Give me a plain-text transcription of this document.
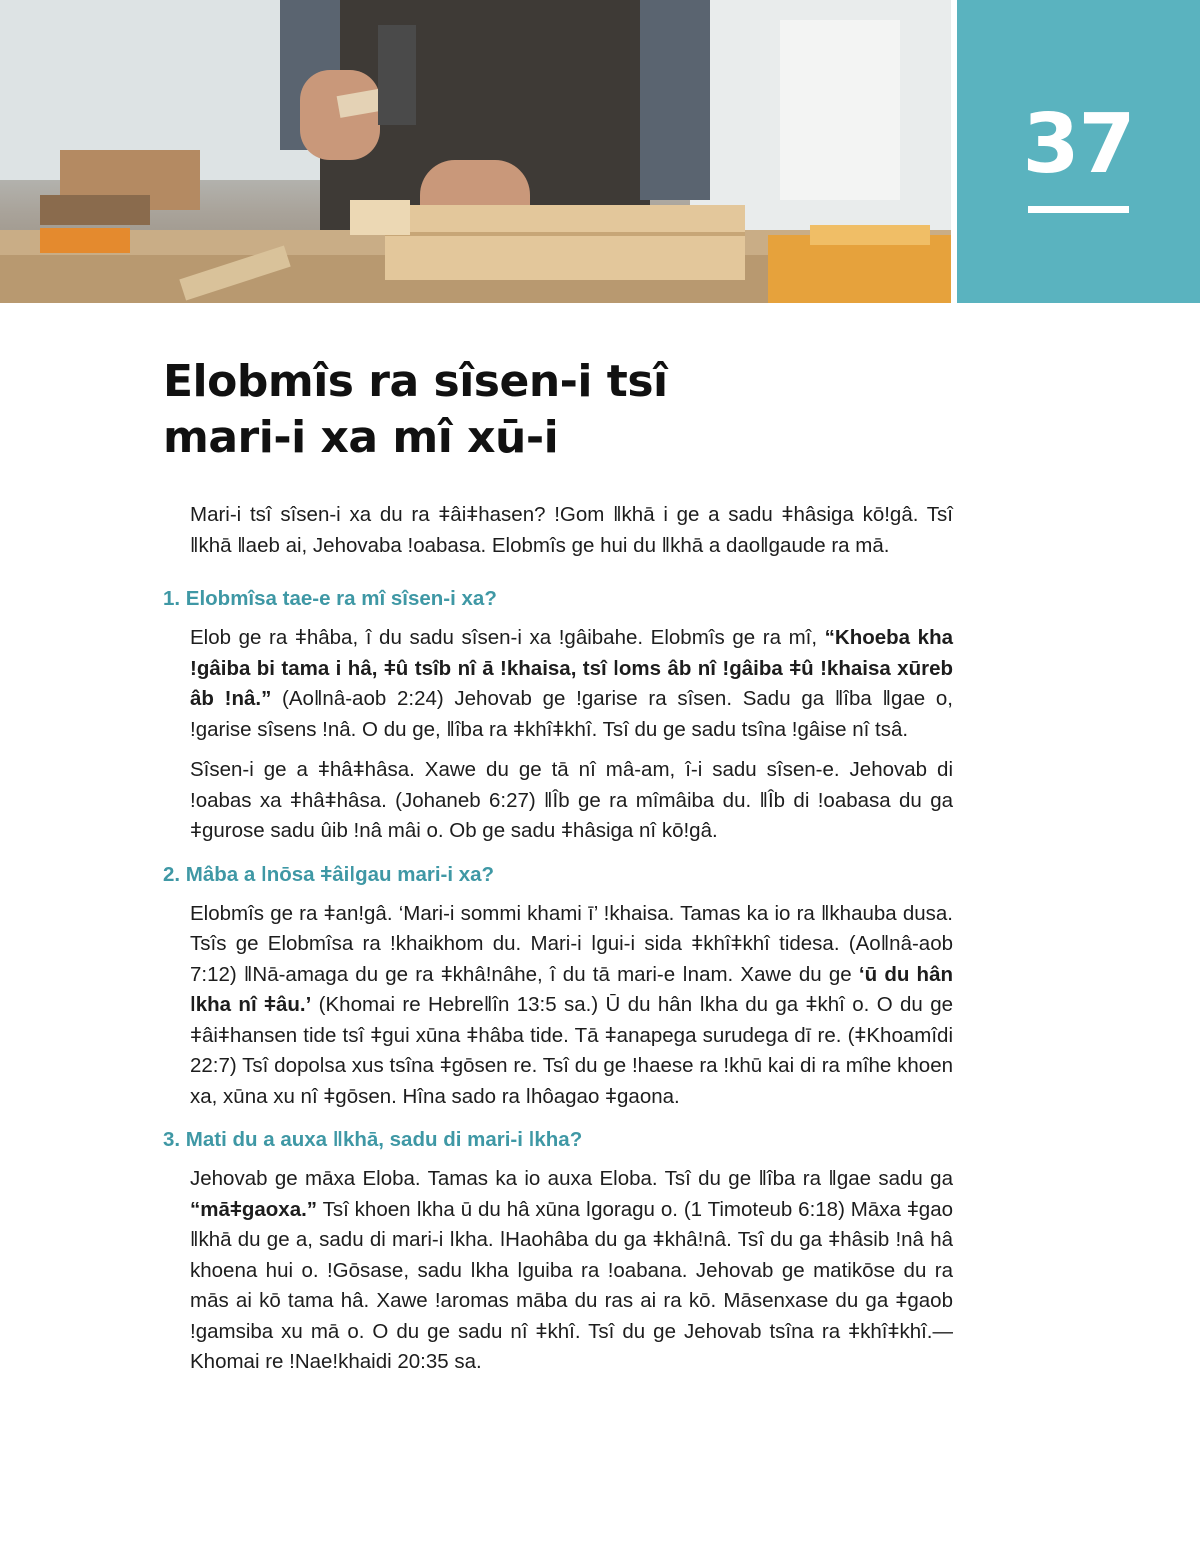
37
Elobmîs ra sîsen-i tsî
mari-i xa mî xū-i

Mari-i tsî sîsen-i xa du ra ǂâiǂhasen? ǃGom ǁkhā i ge a sadu ǂhâsiga kōǃgâ. Tsî ǁkhā ǁaeb ai, Jehovaba ǃoabasa. Elobmîs ge hui du ǁkhā a daoǁgaude ra mā.

1. Elobmîsa tae-e ra mî sîsen-i xa?

Elob ge ra ǂhâba, î du sadu sîsen-i xa ǃgâibahe. Elobmîs ge ra mî, “Khoeba kha ǃgâiba bi tama i hâ, ǂû tsîb nî ā ǃkhaisa, tsî ǀoms âb nî ǃgâiba ǂû ǃkhaisa xūreb âb ǃnâ.” (Aoǁnâ-aob 2:24) Jehovab ge ǃgarise ra sîsen. Sadu ga ǁîba ǁgae o, ǃgarise sîsens ǃnâ. O du ge, ǁîba ra ǂkhîǂkhî. Tsî du ge sadu tsîna ǃgâise nî tsâ.

Sîsen-i ge a ǂhâǂhâsa. Xawe du ge tā nî mâ-am, î-i sadu sîsen-e. Jehovab di ǃoabas xa ǂhâǂhâsa. (Johaneb 6:27) ǁÎb ge ra mîmâiba du. ǁÎb di ǃoabasa du ga ǂgurose sadu ûib ǃnâ mâi o. Ob ge sadu ǂhâsiga nî kōǃgâ.

2. Mâba a ǀnōsa ǂâiǀgau mari-i xa?

Elobmîs ge ra ǂanǃgâ. ‘Mari-i sommi khami ī’ ǃkhaisa. Tamas ka io ra ǁkhauba dusa. Tsîs ge Elobmîsa ra ǃkhaikhom du. Mari-i ǀgui-i sida ǂkhîǂkhî tidesa. (Aoǁnâ-aob 7:12) ǁNā-amaga du ge ra ǂkhâǃnâhe, î du tā mari-e ǀnam. Xawe du ge ‘ū du hân ǀkha nî ǂâu.’ (Khomai re Hebreǁîn 13:5 sa.) Ū du hân ǀkha du ga ǂkhî o. O du ge ǂâiǂhansen tide tsî ǂgui xūna ǂhâba tide. Tā ǂanapega surudega dī re. (ǂKhoamîdi 22:7) Tsî dopolsa xus tsîna ǂgōsen re. Tsî du ge ǃhaese ra ǃkhū kai di ra mîhe khoen xa, xūna xu nî ǂgōsen. Hîna sado ra ǀhôagao ǂgaona.

3. Mati du a auxa ǁkhā, sadu di mari-i ǀkha?

Jehovab ge māxa Eloba. Tamas ka io auxa Eloba. Tsî du ge ǁîba ra ǁgae sadu ga “māǂgaoxa.” Tsî khoen ǀkha ū du hâ xūna ǀgoragu o. (1 Timoteub 6:18) Māxa ǂgao ǁkhā du ge a, sadu di mari-i ǀkha. ǀHaohâba du ga ǂkhâǃnâ. Tsî du ga ǂhâsib ǃnâ hâ khoena hui o. ǃGōsase, sadu ǀkha ǀguiba ra ǃoabana. Jehovab ge matikōse du ra mās ai kō tama hâ. Xawe ǃaromas māba du ras ai ra kō. Māsenxase du ga ǂgaob ǃgamsiba xu mā o. O du ge sadu nî ǂkhî. Tsî du ge Jehovab tsîna ra ǂkhîǂkhî.—Khomai re ǃNaeǃkhaidi 20:35 sa.
